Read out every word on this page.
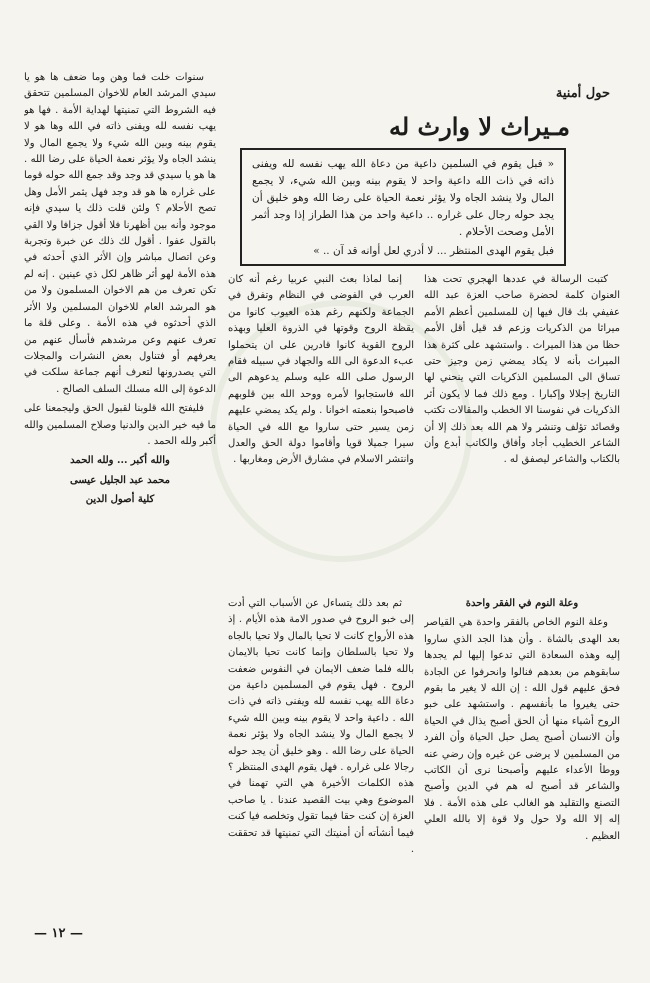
حول أمنية
مـيراث لا وارث له
« فبل يقوم في السلمين داعية من دعاة الله يهب نفسه لله ويفنى ذاته في ذات الله داعية واحد لا يقوم بينه وبين الله شيء، لا يجمع المال ولا ينشد الجاه ولا يؤثر نعمة الحياة على رضا الله وهو خليق أن يجد حوله رجال على غراره .. داعية واحد من هذا الطراز إذا وجد أثمر الأمل وصحت الأحلام .
فبل يقوم الهدى المنتظر ... لا أدري لعل أوانه قد آن .. »

كتبت الرسالة في عددها الهجري تحت هذا العنوان كلمة لحضرة صاحب العزة عبد الله عفيفي بك قال فيها إن للمسلمين أعظم الأمم ميراثا من الذكريات وزعم قد قيل أقل الأمم حظا من هذا الميراث . واستشهد على كثرة هذا الميراث بأنه لا يكاد يمضي زمن وجيز حتى تساق الى المسلمين الذكريات التي ينحني لها التاريخ إجلالا وإكبارا . ومع ذلك فما لا يكون أثر الذكريات في نفوسنا الا الخطب والمقالات تكتب وقصائد تؤلف وتنشر ولا هم الله بعد ذلك إلا أن الشاعر الخطيب أجاد وأفاق والكاتب أبدع وأن بالكتاب والشاعر ليصفق له .

وعلة النوم في الفقر واحدة

وعلة النوم الخاص بالفقر واحدة هي القياصر بعد الهدى بالشاة . وأن هذا الجد الذي ساروا إليه وهذه السعادة التي تدعوا إليها لم يجدها سابقوهم من بعدهم فنالوا وانحرفوا عن الجادة فحق عليهم قول الله : إن الله لا يغير ما بقوم حتى يغيروا ما بأنفسهم . واستشهد على خبو الروح أشياء منها أن الحق أصبح يذال في الحياة وأن الانسان أصبح يصل حبل الحياة وأن الفرد من المسلمين لا يرضى عن غيره وإن رضي عنه ووطأ الأعداء عليهم وأصبحنا نرى أن الكاتب والشاعر قد أصبح له هم في الدين وأصبح التصنع والتقليد هو الغالب على هذه الأمة . فلا إله إلا الله ولا حول ولا قوة إلا بالله العلي العظيم .

إنما لماذا بعث النبي عربيا رغم أنه كان العرب في الفوضى في النظام وتفرق في الجماعة ولكنهم رغم هذه العيوب كانوا من يقظة الروح وقوتها في الذروة العليا وبهذه الروح القوية كانوا قادرين على ان يتحملوا عبء الدعوة الى الله والجهاد في سبيله فقام الرسول صلى الله عليه وسلم يدعوهم الى الله فاستجابوا لأمره ووحد الله بين قلوبهم فاصبحوا بنعمته اخوانا . ولم يكد يمضي عليهم زمن يسير حتى ساروا مع الله في الحياة سيرا جميلا قويا وأقاموا دولة الحق والعدل وانتشر الاسلام في مشارق الأرض ومغاربها .

ثم بعد ذلك يتساءل عن الأسباب التي أدت إلى خبو الروح في صدور الامة هذه الأيام . إذ هذه الأرواح كانت لا تحيا بالمال ولا تحيا بالجاه ولا تحيا بالسلطان وإنما كانت تحيا بالايمان بالله فلما ضعف الايمان في النفوس ضعفت الروح . فهل يقوم في المسلمين داعية من دعاة الله يهب نفسه لله ويفنى ذاته في ذات الله . داعية واحد لا يقوم بينه وبين الله شيء لا يجمع المال ولا ينشد الجاه ولا يؤثر نعمة الحياة على رضا الله . وهو خليق أن يجد حوله رجالا على غراره . فهل يقوم الهدى المنتظر ؟ هذه الكلمات الأخيرة هي التي تهمنا في الموضوع وهي بيت القصيد عندنا . يا صاحب العزة إن كنت حقا فيما تقول وتخلصه فيا كنت فيما أنشأته أن أمنيتك التي تمنيتها قد تحققت .

سنوات خلت فما وهن وما ضعف ها هو يا سيدي المرشد العام للاخوان المسلمين تتحقق فيه الشروط التي تمنيتها لهداية الأمة . فها هو يهب نفسه لله ويفنى ذاته في الله وها هو لا يقوم بينه وبين الله شيء ولا يجمع المال ولا ينشد الجاه ولا يؤثر نعمة الحياة على رضا الله . ها هو يا سيدي قد وجد وقد جمع الله حوله قوما على غراره ها هو قد وجد فهل يثمر الأمل وهل تصح الأحلام ؟ ولئن قلت ذلك يا سيدي فإنه موجود وأنه بين أظهرنا فلا أقول جزافا ولا القي بالقول عفوا . أقول لك ذلك عن خبرة وتجربة وعن اتصال مباشر وإن الأثر الذي أحدثه في هذه الأمة لهو أثر ظاهر لكل ذي عينين . إنه لم تكن تعرف من هم الاخوان المسلمون ولا من هو المرشد العام للاخوان المسلمين ولا الأثر الذي أحدثوه في هذه الأمة . وعلى قلة ما تعرف عنهم وعن مرشدهم فأسأل عنهم من يعرفهم أو فتناول بعض النشرات والمجلات التي يصدرونها لتعرف أنهم جماعة سلكت في الدعوة إلى الله مسلك السلف الصالح .

فليفتح الله قلوبنا لقبول الحق وليجمعنا على ما فيه خير الدين والدنيا وصلاح المسلمين والله أكبر ولله الحمد .

والله أكبر ... ولله الحمد

محمد عبد الجليل عيسى

كلية أصول الدين

— ١٢ —
